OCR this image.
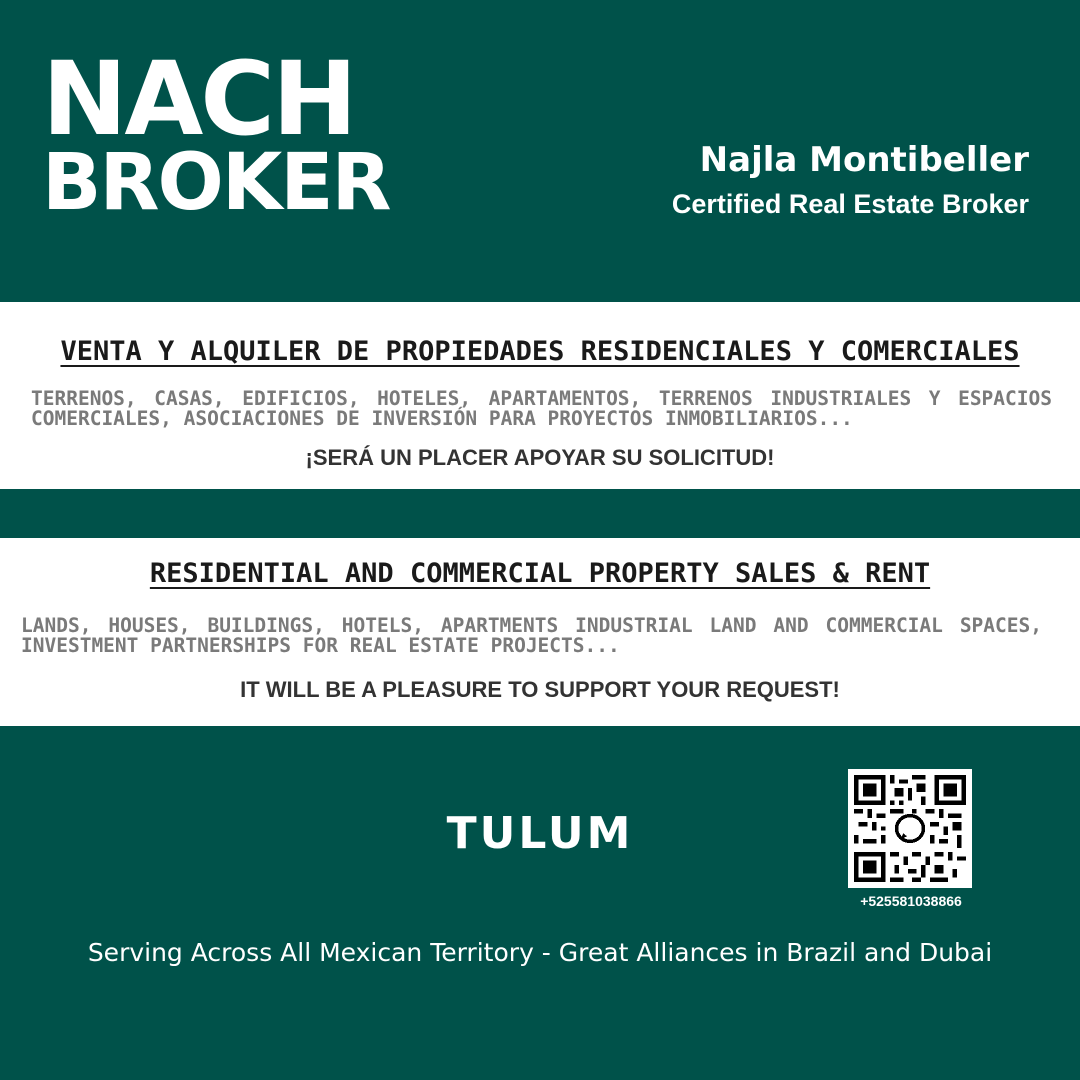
NACH
BROKER	Najla Montibeller
Certified Real Estate Broker
VENTA Y ALQUILER DE PROPIEDADES RESIDENCIALES Y COMERCIALES
TERRENOS, CASAS, EDIFICIOS, HOTELES, APARTAMENTOS, TERRENOS INDUSTRIALES Y ESPACIOS COMERCIALES, ASOCIACIONES DE INVERSIÓN PARA PROYECTOS INMOBILIARIOS...
¡SERÁ UN PLACER APOYAR SU SOLICITUD!
RESIDENTIAL AND COMMERCIAL PROPERTY SALES & RENT
LANDS, HOUSES, BUILDINGS, HOTELS, APARTMENTS INDUSTRIAL LAND AND COMMERCIAL SPACES, INVESTMENT PARTNERSHIPS FOR REAL ESTATE PROJECTS...
IT WILL BE A PLEASURE TO SUPPORT YOUR REQUEST!
TULUM
+525581038866
Serving Across All Mexican Territory - Great Alliances in Brazil and Dubai
